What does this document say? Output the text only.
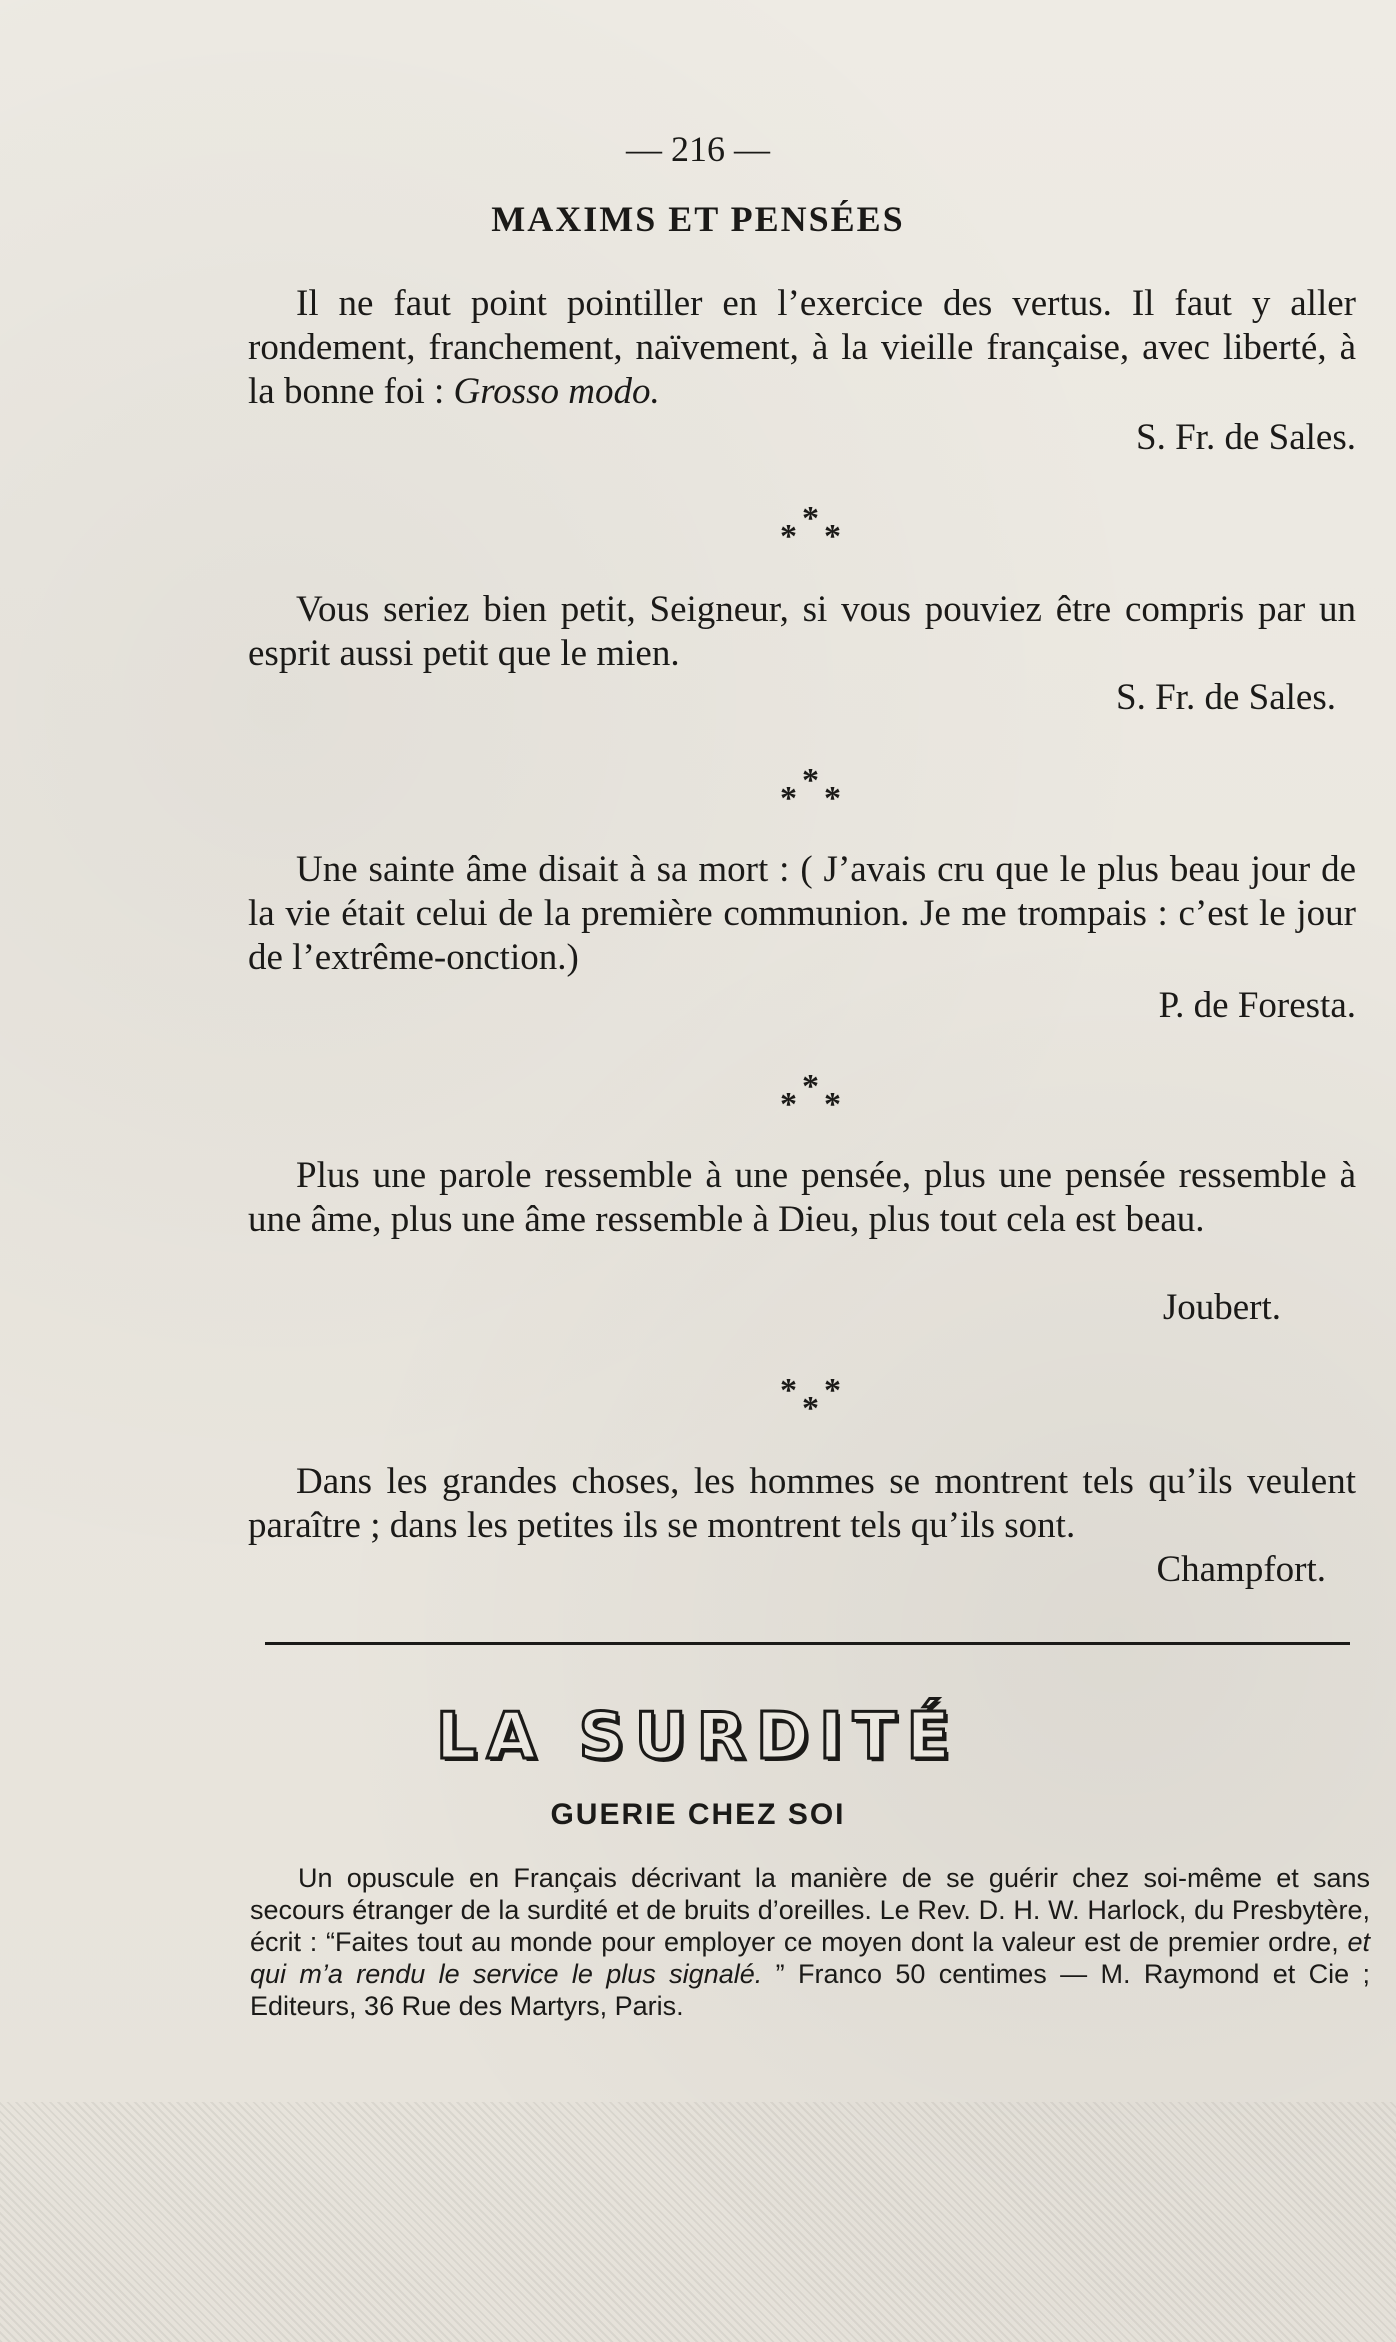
— 216 —
MAXIMS ET PENSÉES
Il ne faut point pointiller en l’exercice des vertus. Il faut y aller rondement, franchement, naïvement, à la vieille française, avec liberté, à la bonne foi : Grosso modo.
S. Fr. de Sales.
*
* *
Vous seriez bien petit, Seigneur, si vous pouviez être compris par un esprit aussi petit que le mien.
S. Fr. de Sales.
*
* *
Une sainte âme disait à sa mort : ( J’avais cru que le plus beau jour de la vie était celui de la première communion. Je me trompais : c’est le jour de l’extrême-onction.)
P. de Foresta.
*
* *
Plus une parole ressemble à une pensée, plus une pensée ressemble à une âme, plus une âme ressemble à Dieu, plus tout cela est beau.
Joubert.
* *
*
Dans les grandes choses, les hommes se montrent tels qu’ils veulent paraître ; dans les petites ils se montrent tels qu’ils sont.
Champfort.
LA SURDITÉ
GUERIE CHEZ SOI
Un opuscule en Français décrivant la manière de se guérir chez soi-même et sans secours étranger de la surdité et de bruits d’oreilles. Le Rev. D. H. W. Harlock, du Presbytère, écrit : “Faites tout au monde pour employer ce moyen dont la valeur est de premier ordre, et qui m’a rendu le service le plus signalé. ” Franco 50 centimes — M. Raymond et Cie ; Editeurs, 36 Rue des Martyrs, Paris.
